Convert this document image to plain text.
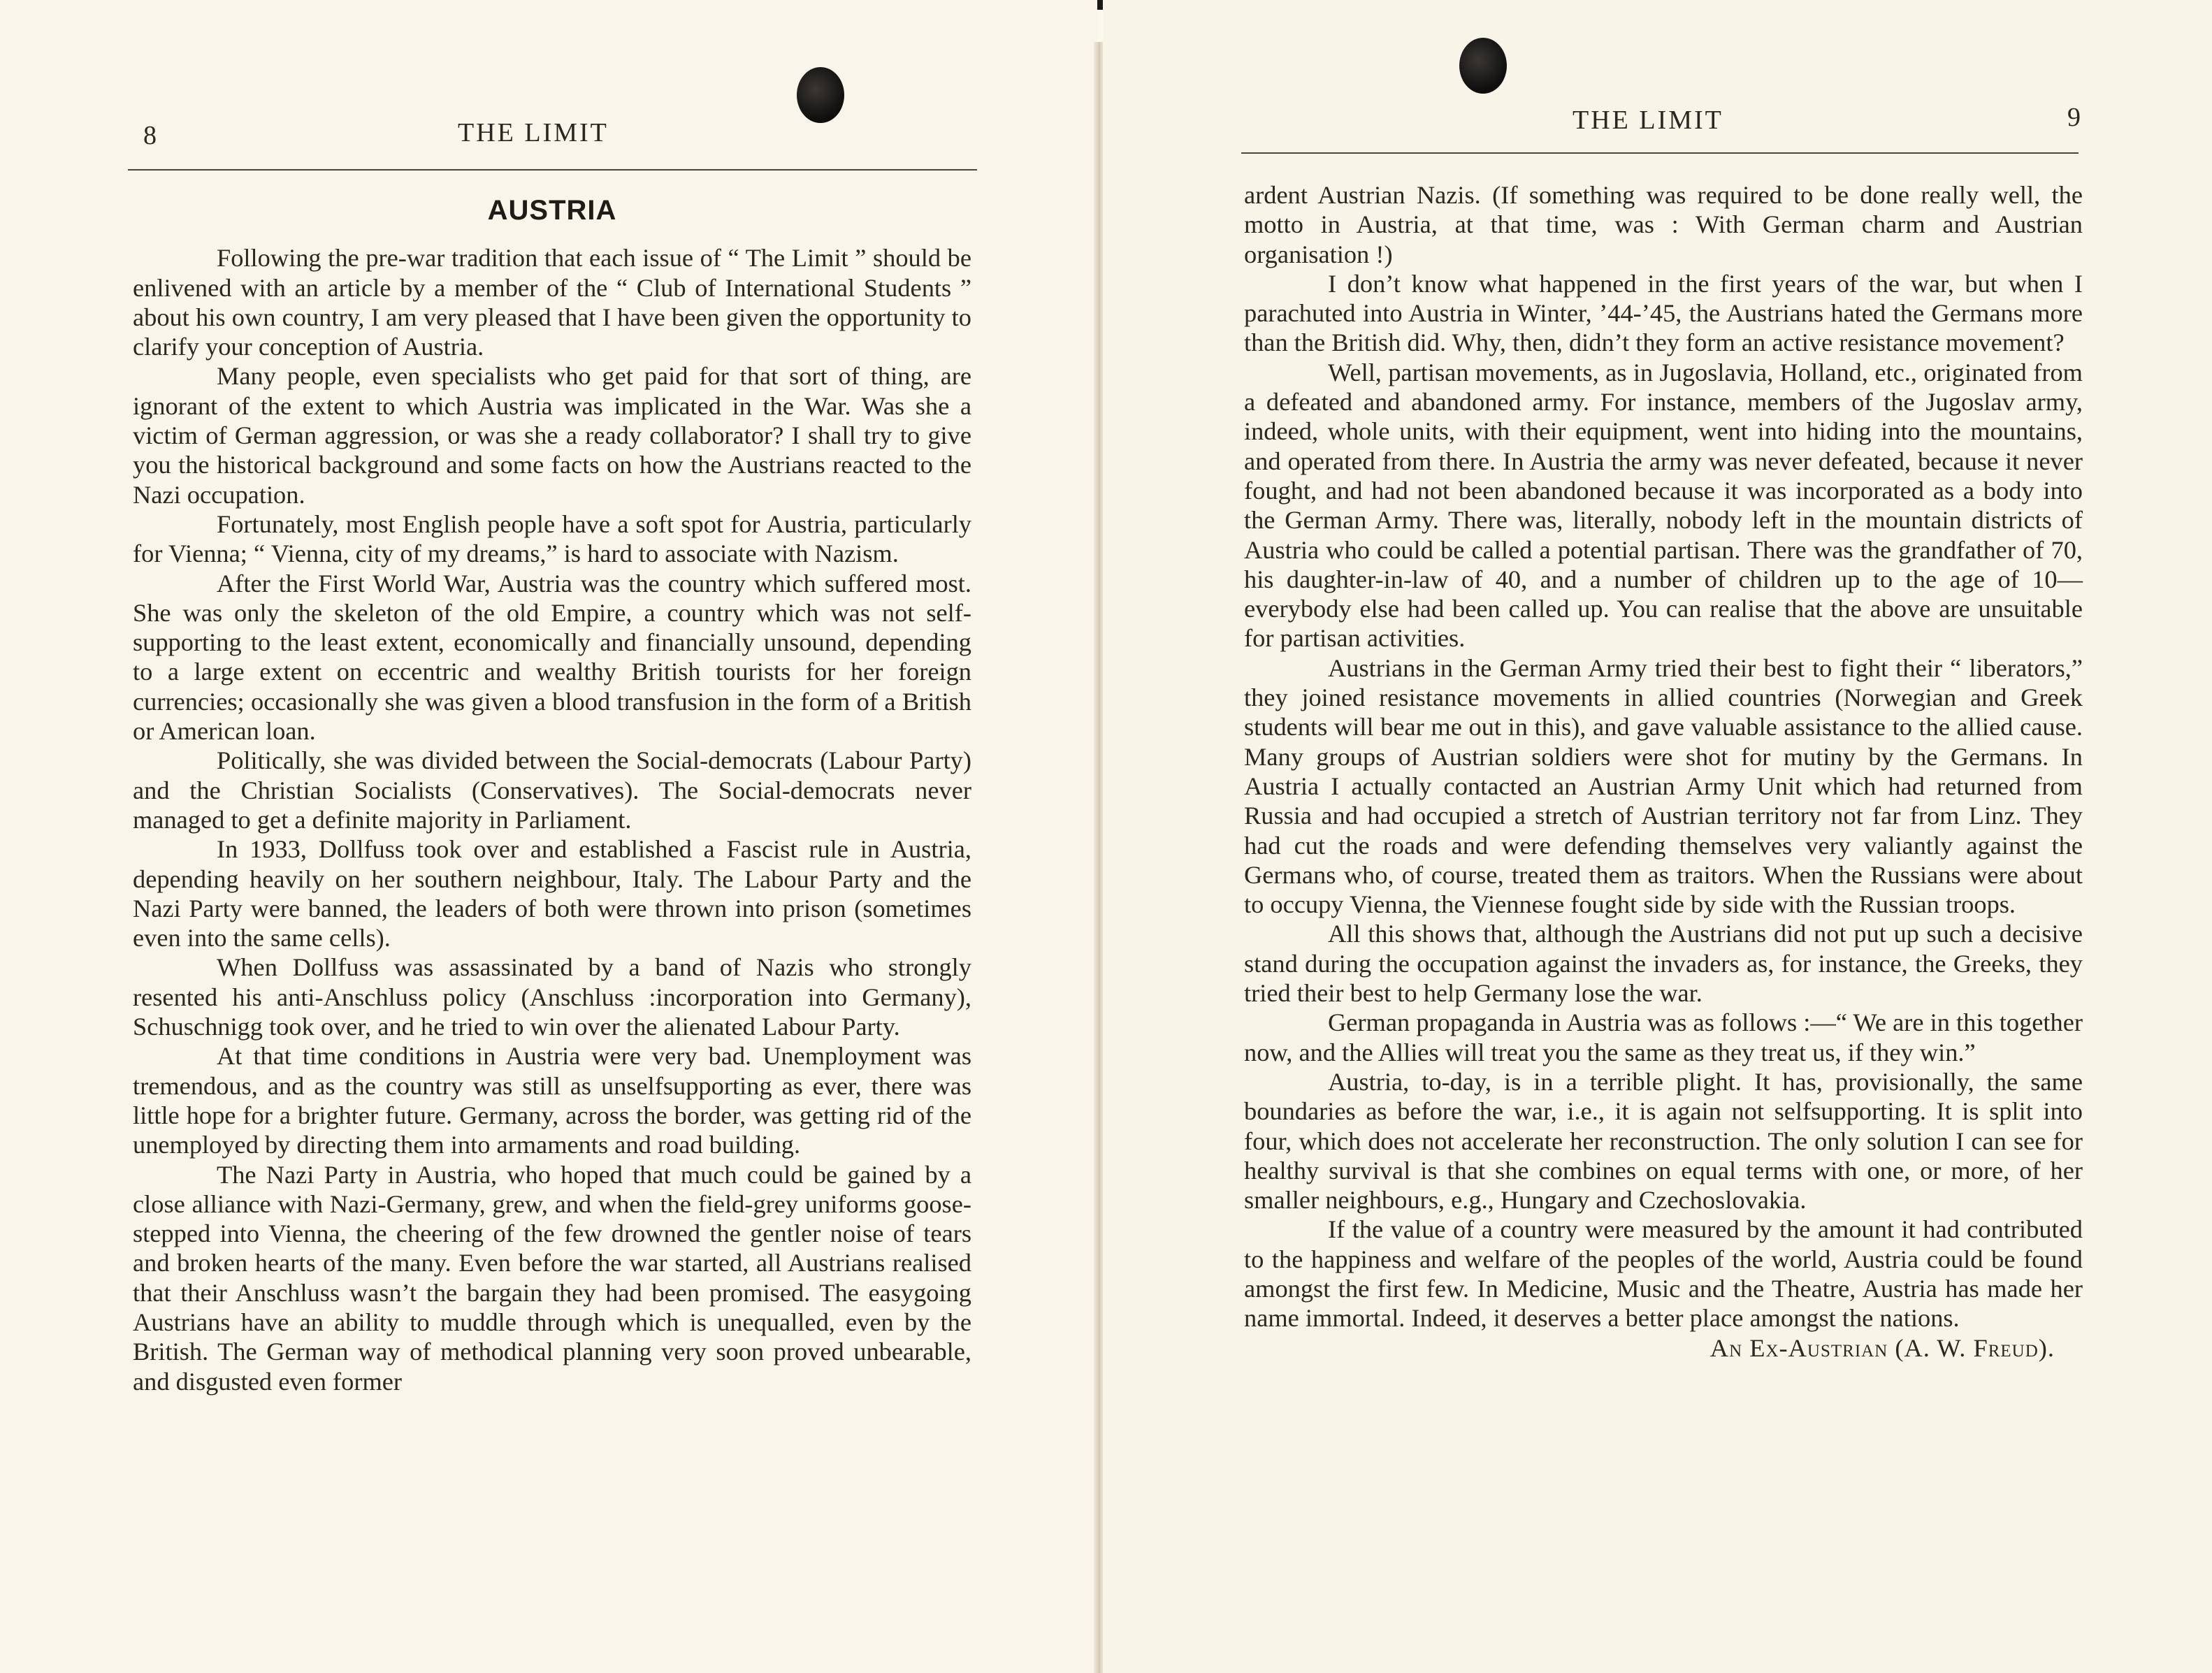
8	THE LIMIT
AUSTRIA

Following the pre-war tradition that each issue of “ The Limit ” should be enlivened with an article by a member of the “ Club of International Students ” about his own country, I am very pleased that I have been given the opportunity to clarify your conception of Austria.

Many people, even specialists who get paid for that sort of thing, are ignorant of the extent to which Austria was implicated in the War. Was she a victim of German aggression, or was she a ready collaborator? I shall try to give you the historical background and some facts on how the Austrians reacted to the Nazi occupation.

Fortunately, most English people have a soft spot for Austria, particularly for Vienna; “ Vienna, city of my dreams,” is hard to associate with Nazism.

After the First World War, Austria was the country which suffered most. She was only the skeleton of the old Empire, a country which was not self-supporting to the least extent, economically and financially unsound, depending to a large extent on eccentric and wealthy British tourists for her foreign currencies; occasionally she was given a blood transfusion in the form of a British or American loan.

Politically, she was divided between the Social-democrats (Labour Party) and the Christian Socialists (Conservatives). The Social-democrats never managed to get a definite majority in Parliament.

In 1933, Dollfuss took over and established a Fascist rule in Austria, depending heavily on her southern neighbour, Italy. The Labour Party and the Nazi Party were banned, the leaders of both were thrown into prison (sometimes even into the same cells).

When Dollfuss was assassinated by a band of Nazis who strongly resented his anti-Anschluss policy (Anschluss :incorporation into Germany), Schuschnigg took over, and he tried to win over the alienated Labour Party.

At that time conditions in Austria were very bad. Unemployment was tremendous, and as the country was still as unselfsupporting as ever, there was little hope for a brighter future. Germany, across the border, was getting rid of the unemployed by directing them into armaments and road building.

The Nazi Party in Austria, who hoped that much could be gained by a close alliance with Nazi-Germany, grew, and when the field-grey uniforms goose-stepped into Vienna, the cheering of the few drowned the gentler noise of tears and broken hearts of the many. Even before the war started, all Austrians realised that their Anschluss wasn’t the bargain they had been promised. The easygoing Austrians have an ability to muddle through which is unequalled, even by the British. The German way of methodical planning very soon proved unbearable, and disgusted even former

THE LIMIT	9

ardent Austrian Nazis. (If something was required to be done really well, the motto in Austria, at that time, was : With German charm and Austrian organisation !)

I don’t know what happened in the first years of the war, but when I parachuted into Austria in Winter, ’44-’45, the Austrians hated the Germans more than the British did. Why, then, didn’t they form an active resistance movement?

Well, partisan movements, as in Jugoslavia, Holland, etc., originated from a defeated and abandoned army. For instance, members of the Jugoslav army, indeed, whole units, with their equipment, went into hiding into the mountains, and operated from there. In Austria the army was never defeated, because it never fought, and had not been abandoned because it was incorporated as a body into the German Army. There was, literally, nobody left in the mountain districts of Austria who could be called a potential partisan. There was the grandfather of 70, his daughter-in-law of 40, and a number of children up to the age of 10—everybody else had been called up. You can realise that the above are unsuitable for partisan activities.

Austrians in the German Army tried their best to fight their “ liberators,” they joined resistance movements in allied countries (Norwegian and Greek students will bear me out in this), and gave valuable assistance to the allied cause. Many groups of Austrian soldiers were shot for mutiny by the Germans. In Austria I actually contacted an Austrian Army Unit which had returned from Russia and had occupied a stretch of Austrian territory not far from Linz. They had cut the roads and were defending themselves very valiantly against the Germans who, of course, treated them as traitors. When the Russians were about to occupy Vienna, the Viennese fought side by side with the Russian troops.

All this shows that, although the Austrians did not put up such a decisive stand during the occupation against the invaders as, for instance, the Greeks, they tried their best to help Germany lose the war.

German propaganda in Austria was as follows :—“ We are in this together now, and the Allies will treat you the same as they treat us, if they win.”

Austria, to-day, is in a terrible plight. It has, provisionally, the same boundaries as before the war, i.e., it is again not selfsupporting. It is split into four, which does not accelerate her reconstruction. The only solution I can see for healthy survival is that she combines on equal terms with one, or more, of her smaller neighbours, e.g., Hungary and Czechoslovakia.

If the value of a country were measured by the amount it had contributed to the happiness and welfare of the peoples of the world, Austria could be found amongst the first few. In Medicine, Music and the Theatre, Austria has made her name immortal. Indeed, it deserves a better place amongst the nations.

An Ex-Austrian (A. W. Freud).
